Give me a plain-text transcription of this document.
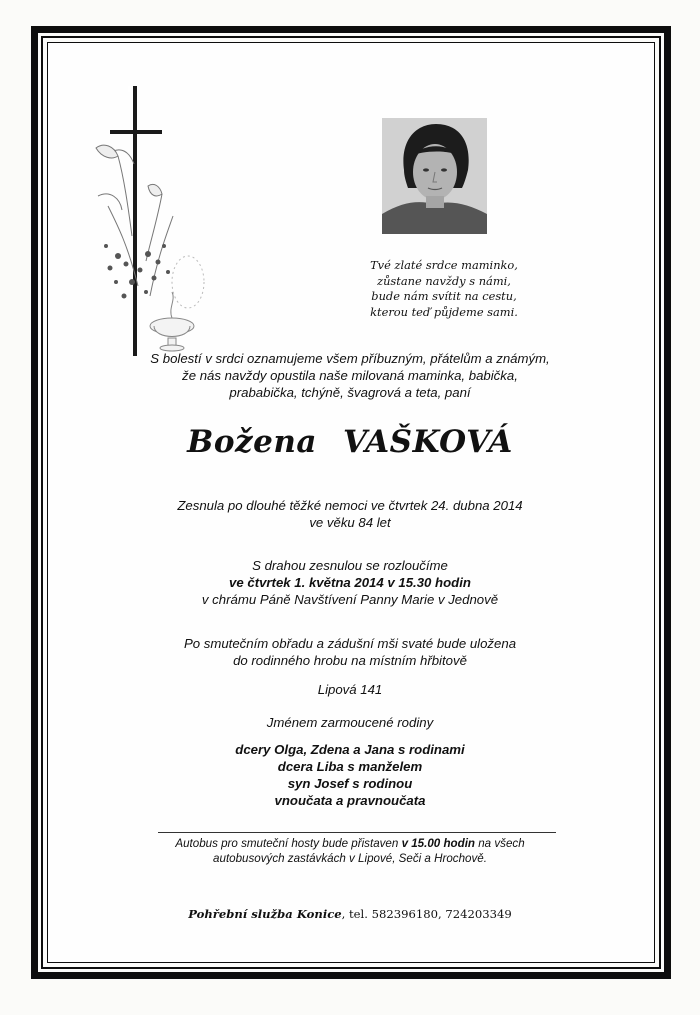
Tvé zlaté srdce maminko,
zůstane navždy s námi,
bude nám svítit na cestu,
kterou teď půjdeme sami.

S bolestí v srdci oznamujeme všem příbuzným, přátelům a známým,
že nás navždy opustila naše milovaná maminka, babička,
prababička, tchýně, švagrová a teta, paní

Božena VAŠKOVÁ

Zesnula po dlouhé těžké nemoci ve čtvrtek 24. dubna 2014
ve věku 84 let

S drahou zesnulou se rozloučíme
ve čtvrtek 1. května 2014 v 15.30 hodin
v chrámu Páně Navštívení Panny Marie v Jednově

Po smutečním obřadu a zádušní mši svaté bude uložena
do rodinného hrobu na místním hřbitově

Lipová 141

Jménem zarmoucené rodiny

dcery Olga, Zdena a Jana s rodinami
dcera Liba s manželem
syn Josef s rodinou
vnoučata a pravnoučata

Autobus pro smuteční hosty bude přistaven v 15.00 hodin na všech
autobusových zastávkách v Lipové, Seči a Hrochově.

Pohřební služba Konice, tel. 582396180, 724203349
